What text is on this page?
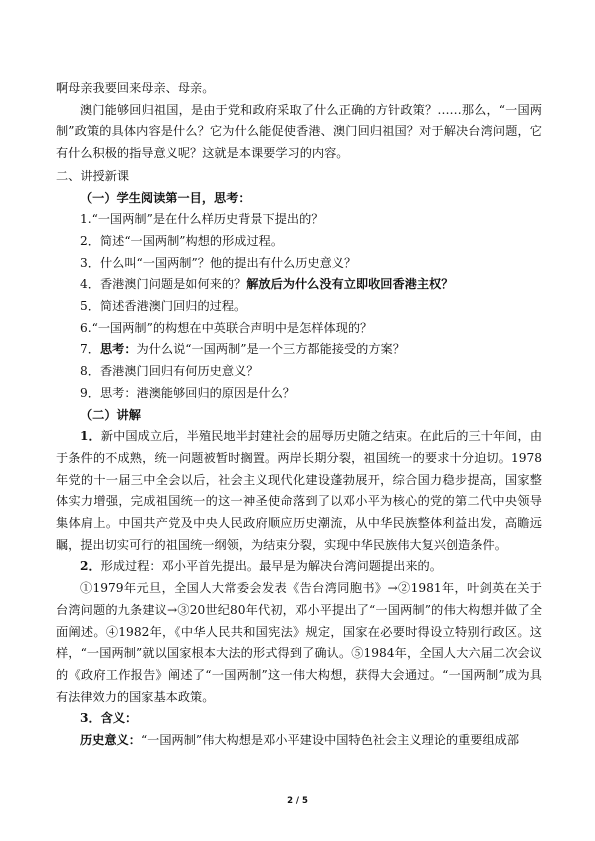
啊母亲我要回来母亲、母亲。

澳门能够回归祖国，是由于党和政府采取了什么正确的方针政策？……那么，“一国两制”政策的具体内容是什么？它为什么能促使香港、澳门回归祖国？对于解决台湾问题，它有什么积极的指导意义呢？这就是本课要学习的内容。

二、讲授新课

（一）学生阅读第一目，思考：

1.“一国两制”是在什么样历史背景下提出的？

2．简述“一国两制”构想的形成过程。

3．什么叫“一国两制”？他的提出有什么历史意义？

4．香港澳门问题是如何来的？解放后为什么没有立即收回香港主权？

5．简述香港澳门回归的过程。

6.“一国两制”的构想在中英联合声明中是怎样体现的？

7．思考：为什么说“一国两制”是一个三方都能接受的方案？

8．香港澳门回归有何历史意义？

9．思考：港澳能够回归的原因是什么？

（二）讲解

1．新中国成立后，半殖民地半封建社会的屈辱历史随之结束。在此后的三十年间，由于条件的不成熟，统一问题被暂时搁置。两岸长期分裂，祖国统一的要求十分迫切。1978年党的十一届三中全会以后，社会主义现代化建设蓬勃展开，综合国力稳步提高，国家整体实力增强，完成祖国统一的这一神圣使命落到了以邓小平为核心的党的第二代中央领导集体肩上。中国共产党及中央人民政府顺应历史潮流，从中华民族整体利益出发，高瞻远瞩，提出切实可行的祖国统一纲领，为结束分裂，实现中华民族伟大复兴创造条件。

2．形成过程：邓小平首先提出。最早是为解决台湾问题提出来的。

①1979年元旦，全国人大常委会发表《告台湾同胞书》→②1981年，叶剑英在关于台湾问题的九条建议→③20世纪80年代初，邓小平提出了“一国两制”的伟大构想并做了全面阐述。④1982年，《中华人民共和国宪法》规定，国家在必要时得设立特别行政区。这样，“一国两制”就以国家根本大法的形式得到了确认。⑤1984年，全国人大六届二次会议的《政府工作报告》阐述了“一国两制”这一伟大构想，获得大会通过。“一国两制”成为具有法律效力的国家基本政策。

3．含义：

历史意义：“一国两制”伟大构想是邓小平建设中国特色社会主义理论的重要组成部

2 / 5
